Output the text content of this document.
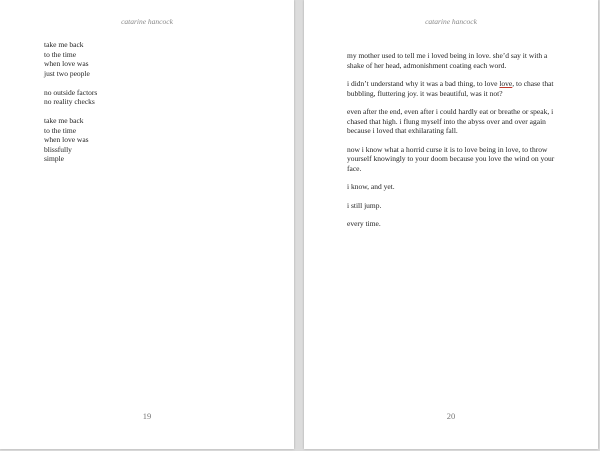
catarine hancock
take me back
to the time
when love was
just two people
no outside factors
no reality checks
take me back
to the time
when love was
blissfully
simple
19
catarine hancock

my mother used to tell me i loved being in love. she’d say it with a shake of her head, admonishment coating each word.

i didn’t understand why it was a bad thing, to love love, to chase that bubbling, fluttering joy. it was beautiful, was it not?

even after the end, even after i could hardly eat or breathe or speak, i chased that high. i flung myself into the abyss over and over again because i loved that exhilarating fall.

now i know what a horrid curse it is to love being in love, to throw yourself knowingly to your doom because you love the wind on your face.

i know, and yet.

i still jump.

every time.

20
